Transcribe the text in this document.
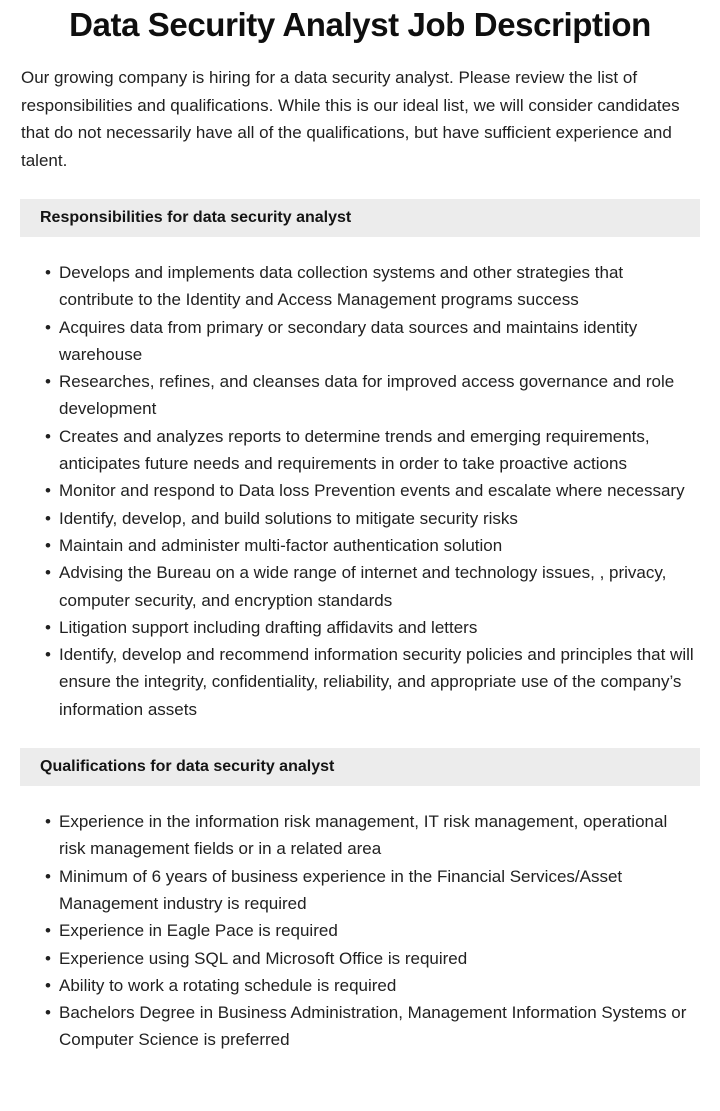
Data Security Analyst Job Description

Our growing company is hiring for a data security analyst. Please review the list of responsibilities and qualifications. While this is our ideal list, we will consider candidates that do not necessarily have all of the qualifications, but have sufficient experience and talent.

Responsibilities for data security analyst
• Develops and implements data collection systems and other strategies that contribute to the Identity and Access Management programs success
• Acquires data from primary or secondary data sources and maintains identity warehouse
• Researches, refines, and cleanses data for improved access governance and role development
• Creates and analyzes reports to determine trends and emerging requirements, anticipates future needs and requirements in order to take proactive actions
• Monitor and respond to Data loss Prevention events and escalate where necessary
• Identify, develop, and build solutions to mitigate security risks
• Maintain and administer multi-factor authentication solution
• Advising the Bureau on a wide range of internet and technology issues, , privacy, computer security, and encryption standards
• Litigation support including drafting affidavits and letters
• Identify, develop and recommend information security policies and principles that will ensure the integrity, confidentiality, reliability, and appropriate use of the company’s information assets
Qualifications for data security analyst
• Experience in the information risk management, IT risk management, operational risk management fields or in a related area
• Minimum of 6 years of business experience in the Financial Services/Asset Management industry is required
• Experience in Eagle Pace is required
• Experience using SQL and Microsoft Office is required
• Ability to work a rotating schedule is required
• Bachelors Degree in Business Administration, Management Information Systems or Computer Science is preferred
